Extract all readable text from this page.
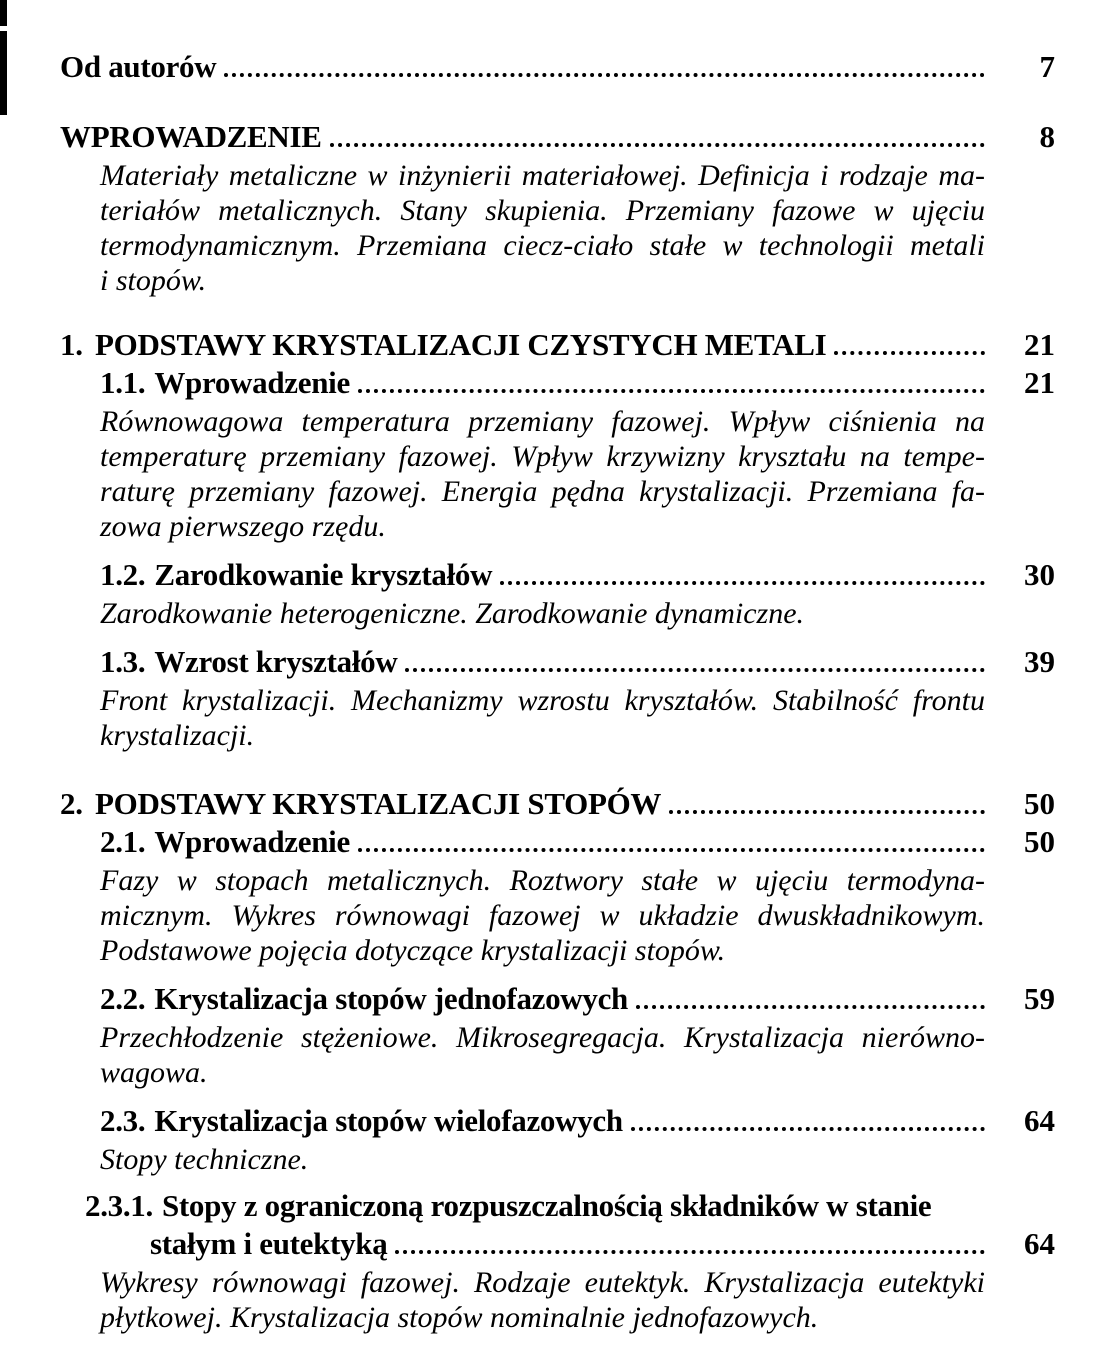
Od autorów	7
WPROWADZENIE	8
Materiały metaliczne w inżynierii materiałowej. Definicja i rodzaje ma-
teriałów metalicznych. Stany skupienia. Przemiany fazowe w ujęciu
termodynamicznym. Przemiana ciecz-ciało stałe w technologii metali
i stopów.
1. PODSTAWY KRYSTALIZACJI CZYSTYCH METALI	21
1.1. Wprowadzenie	21
Równowagowa temperatura przemiany fazowej. Wpływ ciśnienia na
temperaturę przemiany fazowej. Wpływ krzywizny kryształu na tempe-
raturę przemiany fazowej. Energia pędna krystalizacji. Przemiana fa-
zowa pierwszego rzędu.
1.2. Zarodkowanie kryształów	30
Zarodkowanie heterogeniczne. Zarodkowanie dynamiczne.
1.3. Wzrost kryształów	39
Front krystalizacji. Mechanizmy wzrostu kryształów. Stabilność frontu
krystalizacji.
2. PODSTAWY KRYSTALIZACJI STOPÓW	50
2.1. Wprowadzenie	50
Fazy w stopach metalicznych. Roztwory stałe w ujęciu termodyna-
micznym. Wykres równowagi fazowej w układzie dwuskładnikowym.
Podstawowe pojęcia dotyczące krystalizacji stopów.
2.2. Krystalizacja stopów jednofazowych	59
Przechłodzenie stężeniowe. Mikrosegregacja. Krystalizacja nierówno-
wagowa.
2.3. Krystalizacja stopów wielofazowych	64
Stopy techniczne.
2.3.1. Stopy z ograniczoną rozpuszczalnością składników w stanie
stałym i eutektyką	64
Wykresy równowagi fazowej. Rodzaje eutektyk. Krystalizacja eutektyki
płytkowej. Krystalizacja stopów nominalnie jednofazowych.
